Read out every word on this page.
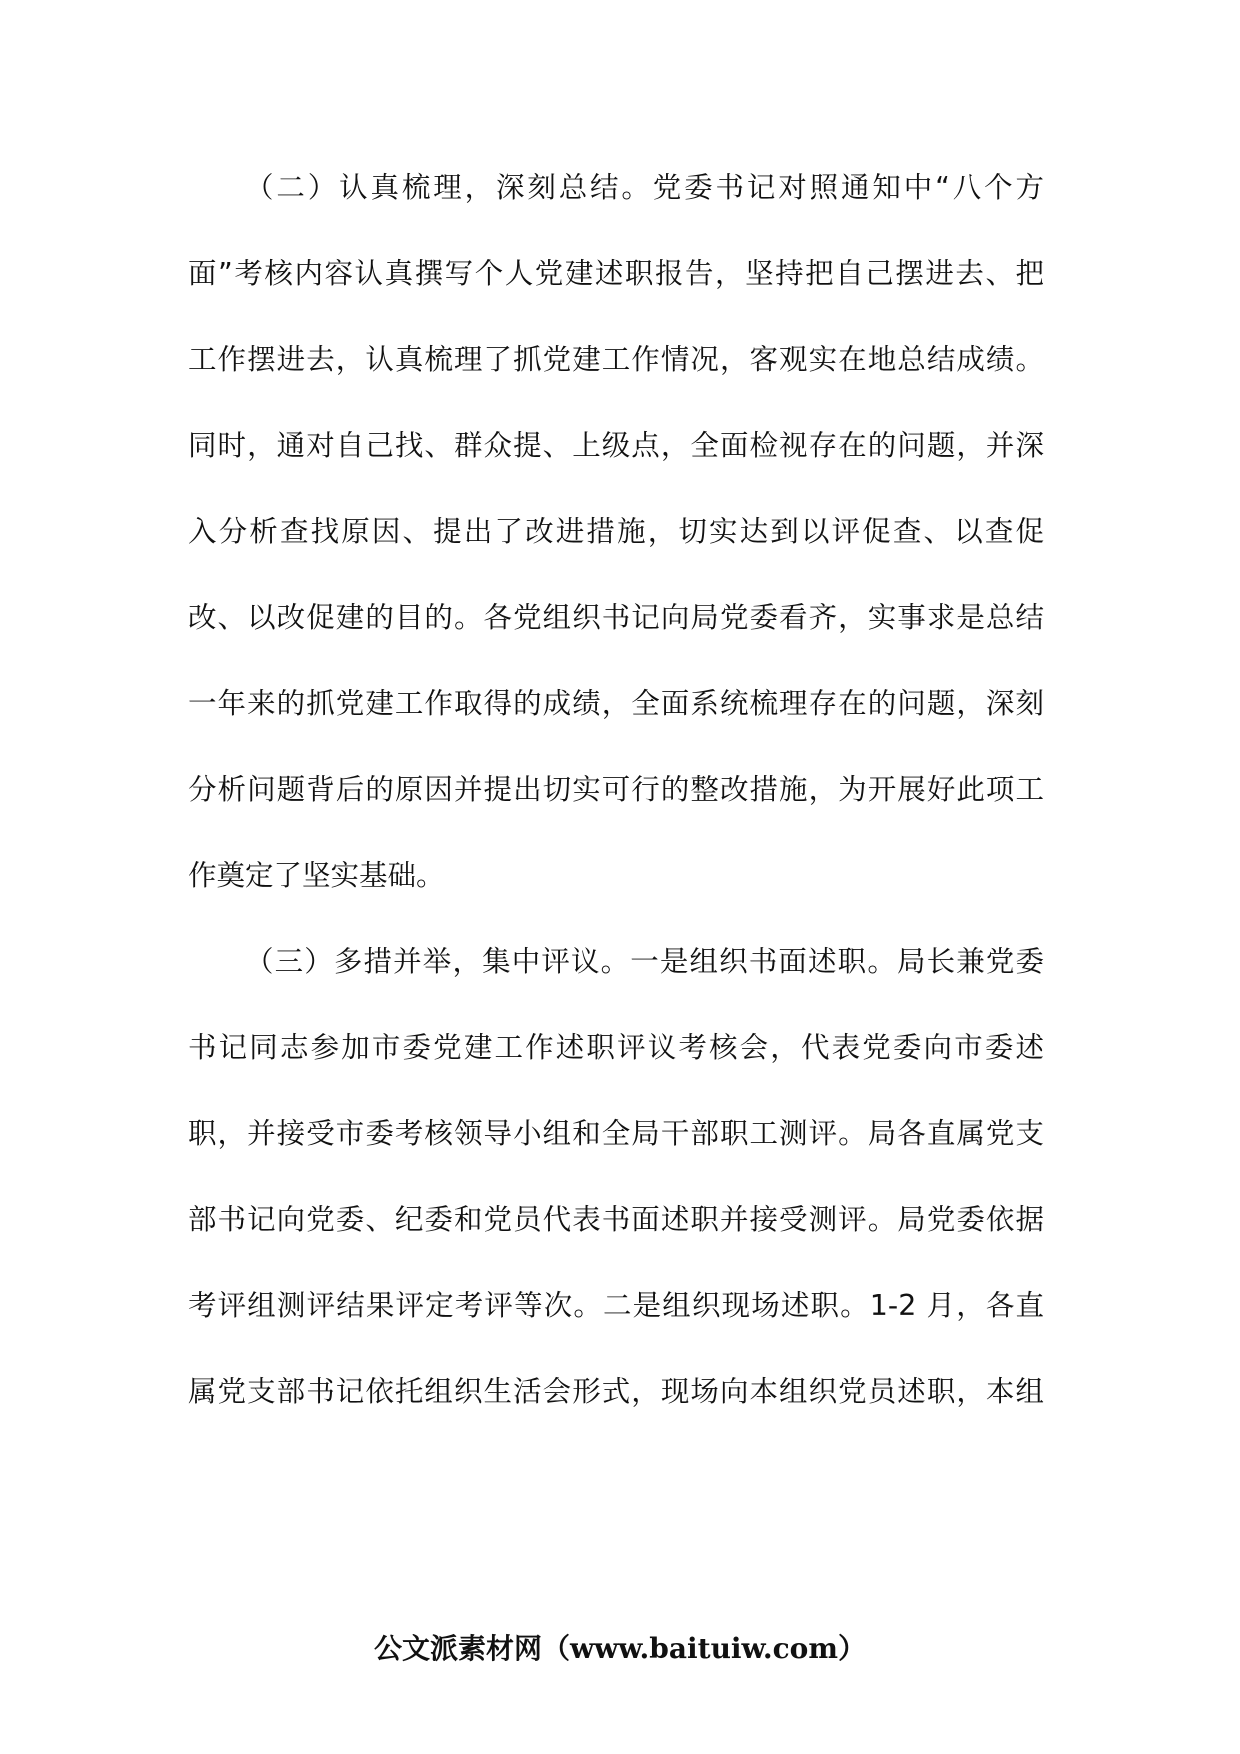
（二）认真梳理，深刻总结。党委书记对照通知中“八个方
面”考核内容认真撰写个人党建述职报告，坚持把自己摆进去、把
工作摆进去，认真梳理了抓党建工作情况，客观实在地总结成绩。
同时，通对自己找、群众提、上级点，全面检视存在的问题，并深
入分析查找原因、提出了改进措施，切实达到以评促查、以查促
改、以改促建的目的。各党组织书记向局党委看齐，实事求是总结
一年来的抓党建工作取得的成绩，全面系统梳理存在的问题，深刻
分析问题背后的原因并提出切实可行的整改措施，为开展好此项工
作奠定了坚实基础。
（三）多措并举，集中评议。一是组织书面述职。局长兼党委
书记同志参加市委党建工作述职评议考核会，代表党委向市委述
职，并接受市委考核领导小组和全局干部职工测评。局各直属党支
部书记向党委、纪委和党员代表书面述职并接受测评。局党委依据
考评组测评结果评定考评等次。二是组织现场述职。1-2 月，各直
属党支部书记依托组织生活会形式，现场向本组织党员述职，本组
公文派素材网（www.baituiw.com）
